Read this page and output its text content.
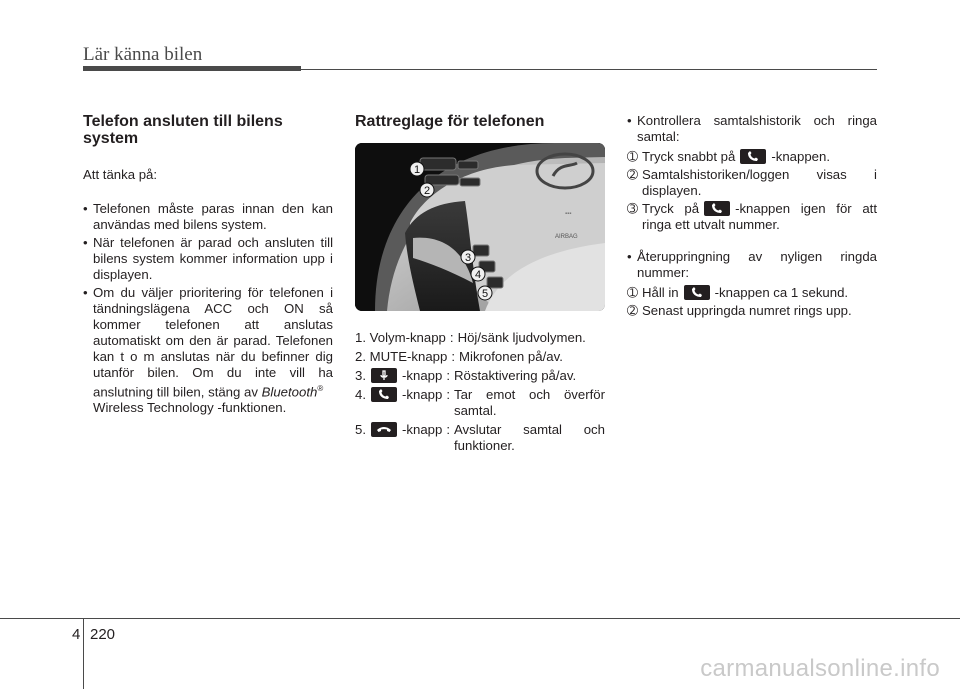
Lär känna bilen
Telefon ansluten till bilens system
Att tänka på:
• Telefonen måste paras innan den kan användas med bilens system.
• När telefonen är parad och ansluten till bilens system kommer information upp i displayen.
• Om du väljer prioritering för telefonen i tändningslägena ACC och ON så kommer telefonen att anslutas automatiskt om den är parad. Telefonen kan t o m anslutas när du befinner dig utanför bilen. Om du inte vill ha anslutning till bilen, stäng av Bluetooth®
Wireless Technology -funktionen.
Rattreglage för telefonen
AIRBAG
▪▪▪
1
2
3
4
5
1. Volym-knapp : Höj/sänk ljudvolymen.
2. MUTE-knapp : Mikrofonen på/av.
3.	-knapp : Röstaktivering på/av.
4.	-knapp : Tar emot och överför samtal.
5.	-knapp : Avslutar samtal och funktioner.
• Kontrollera samtalshistorik och ringa samtal:
➀ Tryck snabbt på	-knappen.
➁ Samtalshistoriken/loggen visas i displayen.
➂ Tryck på	-knappen igen för att ringa ett utvalt nummer.
• Återuppringning av nyligen ringda nummer:
➀ Håll in	-knappen ca 1 sekund.
➁ Senast uppringda numret rings upp.
4 220
carmanualsonline.info
